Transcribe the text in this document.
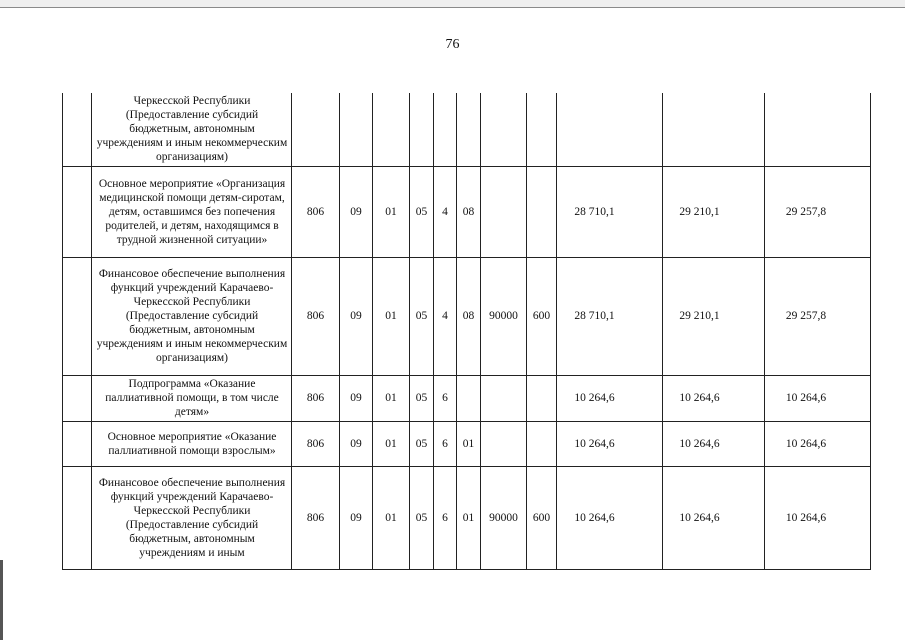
76
	Черкесской Республики (Предоставление субсидий бюджетным, автономным учреждениям и иным некоммерческим организациям)											
	Основное мероприятие «Организация медицинской помощи детям-сиротам, детям, оставшимся без попечения родителей, и детям, находящимся в трудной жизненной ситуации»	806	09	01	05	4	08			28 710,1	29 210,1	29 257,8
	Финансовое обеспечение выполнения функций учреждений Карачаево-Черкесской Республики (Предоставление субсидий бюджетным, автономным учреждениям и иным некоммерческим организациям)	806	09	01	05	4	08	90000	600	28 710,1	29 210,1	29 257,8
	Подпрограмма «Оказание паллиативной помощи, в том числе детям»	806	09	01	05	6				10 264,6	10 264,6	10 264,6
	Основное мероприятие «Оказание паллиативной помощи взрослым»	806	09	01	05	6	01			10 264,6	10 264,6	10 264,6
	Финансовое обеспечение выполнения функций учреждений Карачаево-Черкесской Республики (Предоставление субсидий бюджетным, автономным учреждениям и иным	806	09	01	05	6	01	90000	600	10 264,6	10 264,6	10 264,6
